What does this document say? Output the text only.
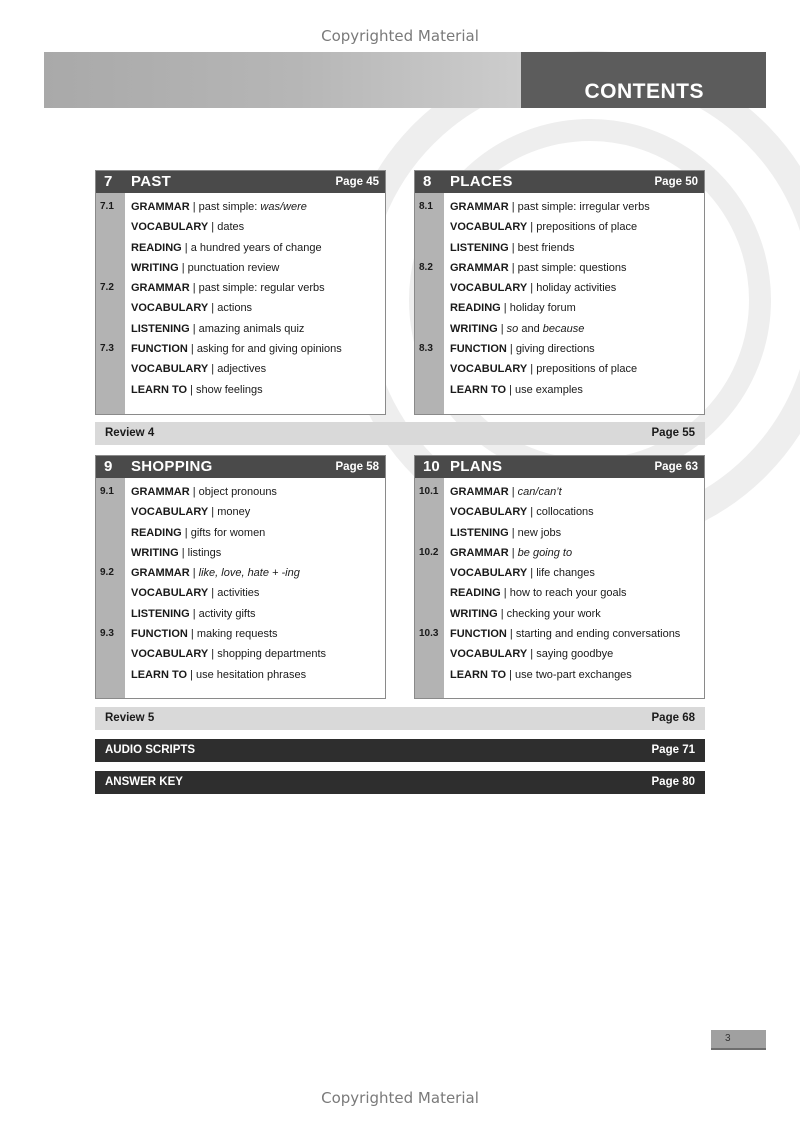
Copyrighted Material
CONTENTS
7 PAST	Page 45
7.1	GRAMMAR | past simple: was/were
VOCABULARY | dates
READING | a hundred years of change
WRITING | punctuation review
7.2	GRAMMAR | past simple: regular verbs
VOCABULARY | actions
LISTENING | amazing animals quiz
7.3	FUNCTION | asking for and giving opinions
VOCABULARY | adjectives
LEARN TO | show feelings
8 PLACES	Page 50
8.1	GRAMMAR | past simple: irregular verbs
VOCABULARY | prepositions of place
LISTENING | best friends
8.2	GRAMMAR | past simple: questions
VOCABULARY | holiday activities
READING | holiday forum
WRITING | so and because
8.3	FUNCTION | giving directions
VOCABULARY | prepositions of place
LEARN TO | use examples
9 SHOPPING	Page 58
9.1	GRAMMAR | object pronouns
VOCABULARY | money
READING | gifts for women
WRITING | listings
9.2	GRAMMAR | like, love, hate + -ing
VOCABULARY | activities
LISTENING | activity gifts
9.3	FUNCTION | making requests
VOCABULARY | shopping departments
LEARN TO | use hesitation phrases
10 PLANS	Page 63
10.1	GRAMMAR | can/can’t
VOCABULARY | collocations
LISTENING | new jobs
10.2	GRAMMAR | be going to
VOCABULARY | life changes
READING | how to reach your goals
WRITING | checking your work
10.3	FUNCTION | starting and ending conversations
VOCABULARY | saying goodbye
LEARN TO | use two-part exchanges
Review 4	Page 55
Review 5	Page 68
AUDIO SCRIPTS	Page 71
ANSWER KEY	Page 80
3
Copyrighted Material
